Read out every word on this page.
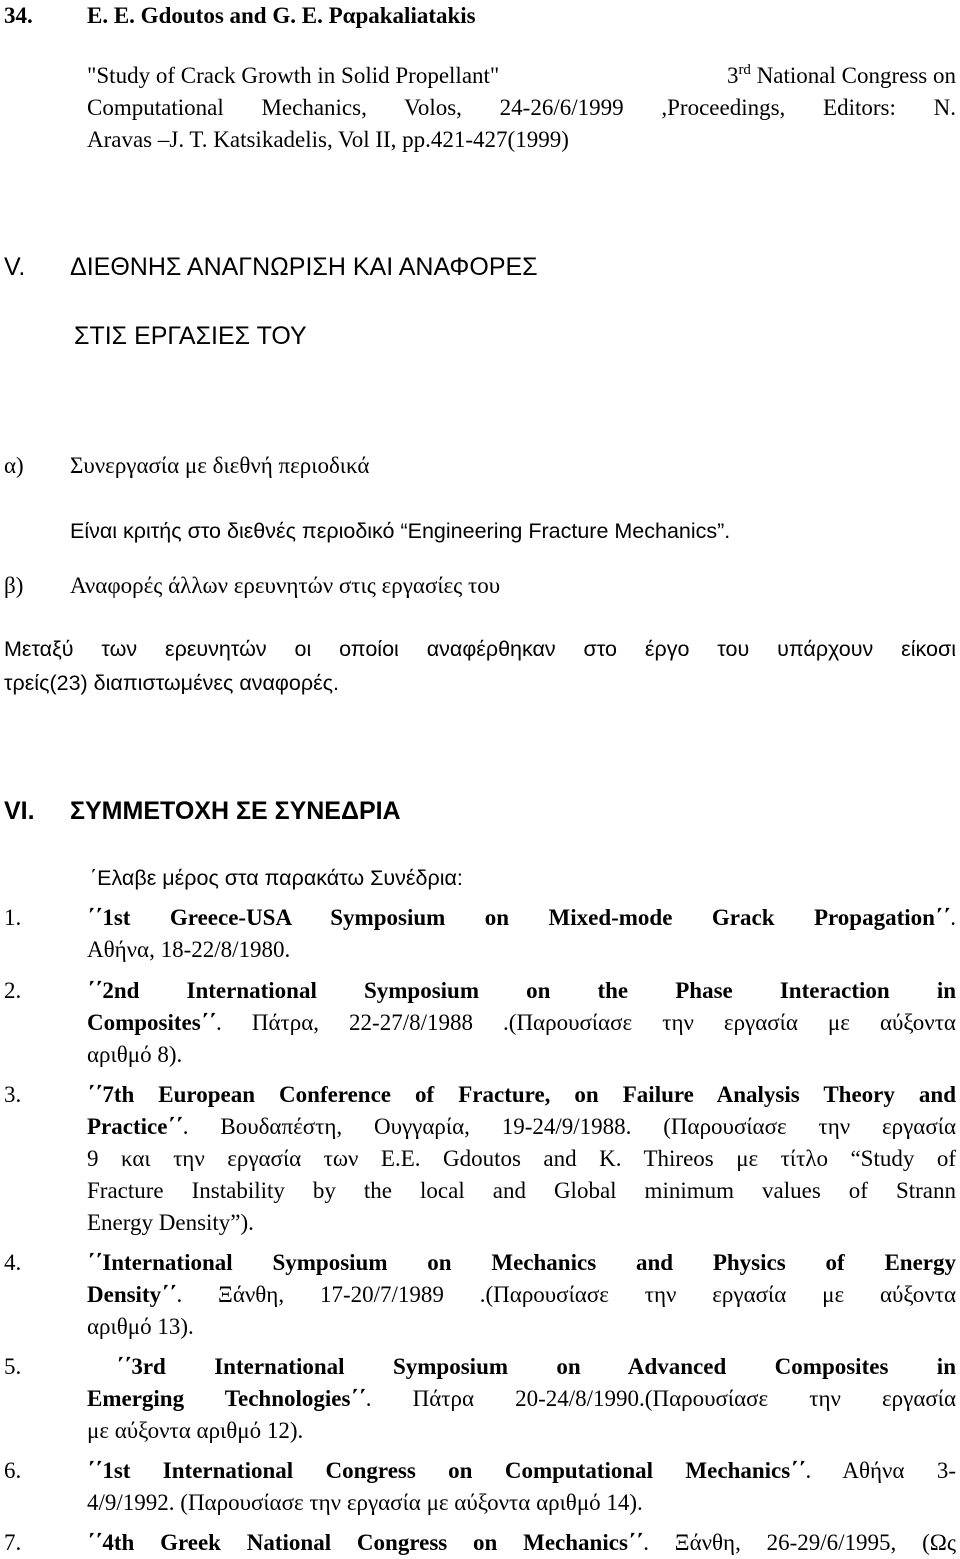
34. E. E. Gdoutos and G. E. Pαpakaliatakis
"Study of Crack Growth in Solid Propellant"	3rd National Congress on
Computational Mechanics, Volos, 24-26/6/1999 ,Proceedings, Editors: N.
Aravas –J. T. Katsikadelis, Vol II, pp.421-427(1999)
V. ΔΙΕΘΝΗΣ ΑΝΑΓΝΩΡΙΣΗ ΚΑΙ ΑΝΑΦΟΡΕΣ
ΣΤΙΣ ΕΡΓΑΣΙΕΣ ΤΟΥ
α) Συνεργασία με διεθνή περιοδικά
Είναι κριτής στο διεθνές περιοδικό “Engineering Fracture Mechanics”.
β) Αναφορές άλλων ερευνητών στις εργασίες του
Μεταξύ των ερευνητών οι οποίοι αναφέρθηκαν στο έργο του υπάρχουν είκοσι
τρείς(23) διαπιστωμένες αναφορές.
VI. ΣΥΜΜΕΤΟΧΗ ΣΕ ΣΥΝΕΔΡΙΑ
΄Ελαβε μέρος στα παρακάτω Συνέδρια:
1.	΄΄1st Greece-USA Symposium on Mixed-mode Grack Propagation΄΄.
Αθήνα, 18-22/8/1980.
2.	΄΄2nd International Symposium on the Phase Interaction in
Composites΄΄. Πάτρα, 22-27/8/1988 .(Παρουσίασε την εργασία με αύξοντα
αριθμό 8).
3.	΄΄7th European Conference of Fracture, on Failure Analysis Theory and
Practice΄΄. Βουδαπέστη, Ουγγαρία, 19-24/9/1988. (Παρουσίασε την εργασία
9 και την εργασία των E.E. Gdoutos and K. Thireos με τίτλο “Study of
Fracture Instability by the local and Global minimum values of Strann
Energy Density”).
4.	΄΄International Symposium on Mechanics and Physics of Energy
Density΄΄. Ξάνθη, 17-20/7/1989 .(Παρουσίασε την εργασία με αύξοντα
αριθμό 13).
5.	΄΄3rd International Symposium on Advanced Composites in
Emerging Technologies΄΄. Πάτρα 20-24/8/1990.(Παρουσίασε την εργασία
με αύξοντα αριθμό 12).
6.	΄΄1st International Congress on Computational Mechanics΄΄. Αθήνα 3-
4/9/1992. (Παρουσίασε την εργασία με αύξοντα αριθμό 14).
7.	΄΄4th Greek National Congress on Mechanics΄΄. Ξάνθη, 26-29/6/1995, (Ως
